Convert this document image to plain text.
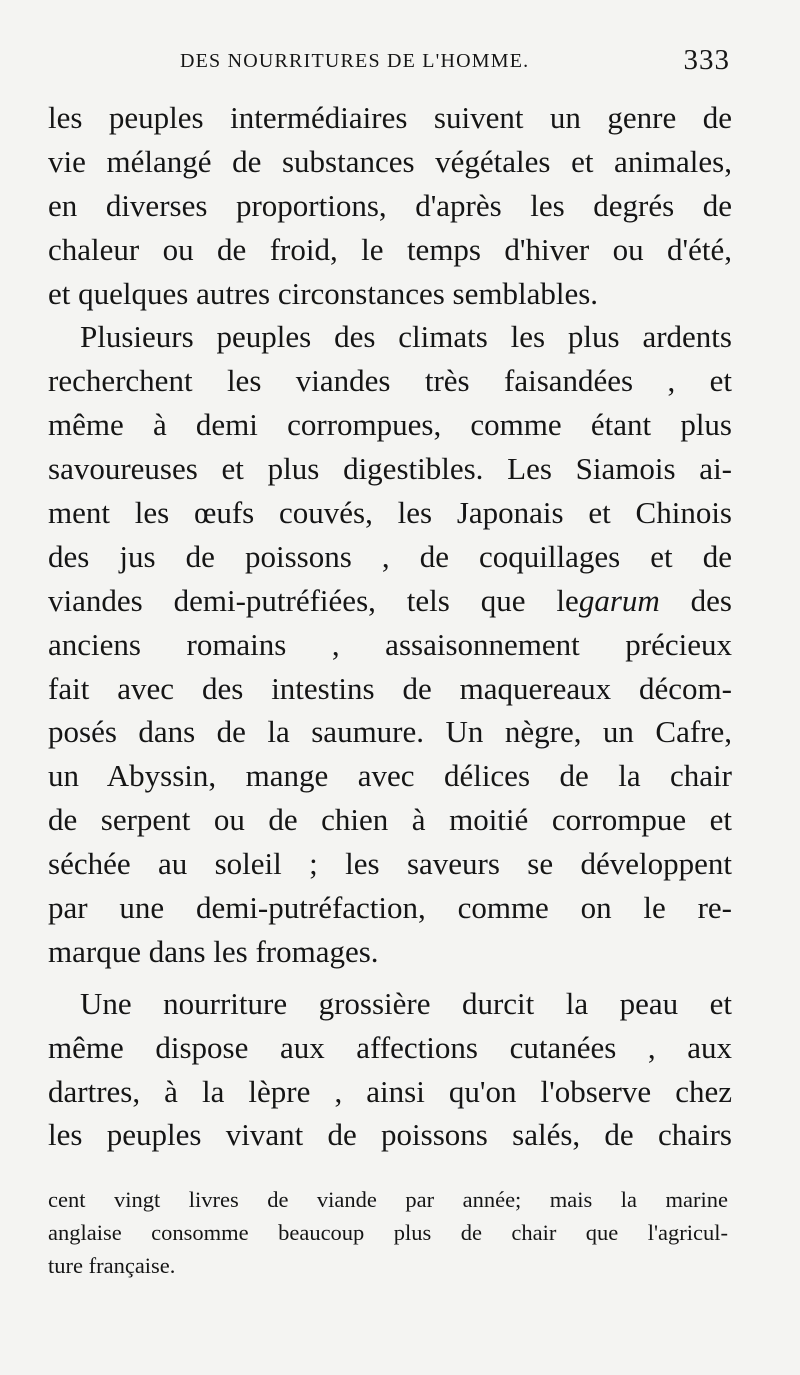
DES NOURRITURES DE L'HOMME.	333
les peuples intermédiaires suivent un genre de
vie mélangé de substances végétales et animales,
en diverses proportions, d'après les degrés de
chaleur ou de froid, le temps d'hiver ou d'été,
et quelques autres circonstances semblables.
Plusieurs peuples des climats les plus ardents
recherchent les viandes très faisandées , et
même à demi corrompues, comme étant plus
savoureuses et plus digestibles. Les Siamois ai-
ment les œufs couvés, les Japonais et Chinois
des jus de poissons , de coquillages et de
viandes demi-putréfiées, tels que legarum des
anciens romains , assaisonnement précieux
fait avec des intestins de maquereaux décom-
posés dans de la saumure. Un nègre, un Cafre,
un Abyssin, mange avec délices de la chair
de serpent ou de chien à moitié corrompue et
séchée au soleil ; les saveurs se développent
par une demi-putréfaction, comme on le re-
marque dans les fromages.
Une nourriture grossière durcit la peau et
même dispose aux affections cutanées , aux
dartres, à la lèpre , ainsi qu'on l'observe chez
les peuples vivant de poissons salés, de chairs
cent vingt livres de viande par année; mais la marine
anglaise consomme beaucoup plus de chair que l'agricul-
ture française.
